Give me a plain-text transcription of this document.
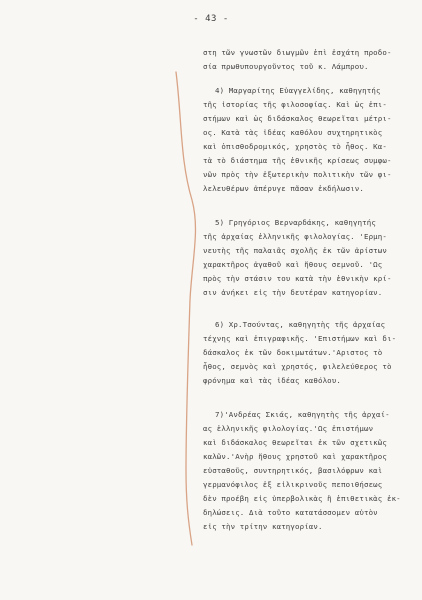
- 43 -
στη τῶν γνωστῶν διωγμῶν ἐπὶ ἐσχάτη προδο-
σία πρωθυπουργοῦντος τοῦ κ. Λάμπρου.
4) Μαργαρίτης Εὐαγγελίδης, καθηγητής
τῆς ἱστορίας τῆς φιλοσοφίας. Καὶ ὡς ἐπι-
στήμων καὶ ὡς διδάσκαλος θεωρεῖται μέτρι-
ος. Κατὰ τὰς ἰδέας καθόλου συχτηρητικὸς
καὶ ὀπισθοδρομικός, χρηστὸς τὸ ἦθος. Κα-
τὰ τὸ διάστημα τῆς ἐθνικῆς κρίσεως συμφω-
νῶν πρὸς τὴν ἐξωτερικὴν πολιτικὴν τῶν φι-
λελευθέρων ἀπέρυγε πᾶσαν ἐκδήλωσιν.
5) Γρηγόριος Βερναρδάκης, καθηγητής
τῆς ἀρχαίας ἑλληνικῆς φιλολογίας. 'Ερμη-
νευτὴς τῆς παλαιᾶς σχολῆς ἐκ τῶν ἀρίστων
χαρακτῆρος ἀγαθοῦ καὶ ἤθους σεμνοῦ. 'Ως
πρὸς τὴν στάσιν του κατὰ τὴν ἐθνικὴν κρί-
σιν ἀνήκει εἰς τὴν δευτέραν κατηγορίαν.
6) Χρ.Τσούντας, καθηγητὴς τῆς ἀρχαίας
τέχνης καὶ ἐπιγραφικῆς. 'Επιστήμων καὶ δι-
δάσκαλος ἐκ τῶν δοκιμωτάτων.'Αριστος τὸ
ἦθος, σεμνὸς καὶ χρηστός, φιλελεύθερος τὸ
φρόνημα καὶ τὰς ἰδέας καθόλου.
7)'Ανδρέας Σκιάς, καθηγητὴς τῆς ἀρχαί-
ας ἑλληνικῆς φιλολογίας.'Ως ἐπιστήμων
καὶ διδάσκαλος θεωρεῖται ἐκ τῶν σχετικῶς
καλῶν.'Ανὴρ ἤθους χρηστοῦ καὶ χαρακτῆρος
εὐσταθοῦς, συντηρητικός, βασιλόφρων καὶ
γερμανόφιλος ἐξ εἰλικρινοῦς πεποιθήσεως
δὲν προέβη εἰς ὑπερβολικὰς ἢ ἐπιθετικὰς ἐκ-
δηλώσεις. Διὰ τοῦτο κατατάσσομεν αὐτὸν
εἰς τὴν τρίτην κατηγορίαν.
